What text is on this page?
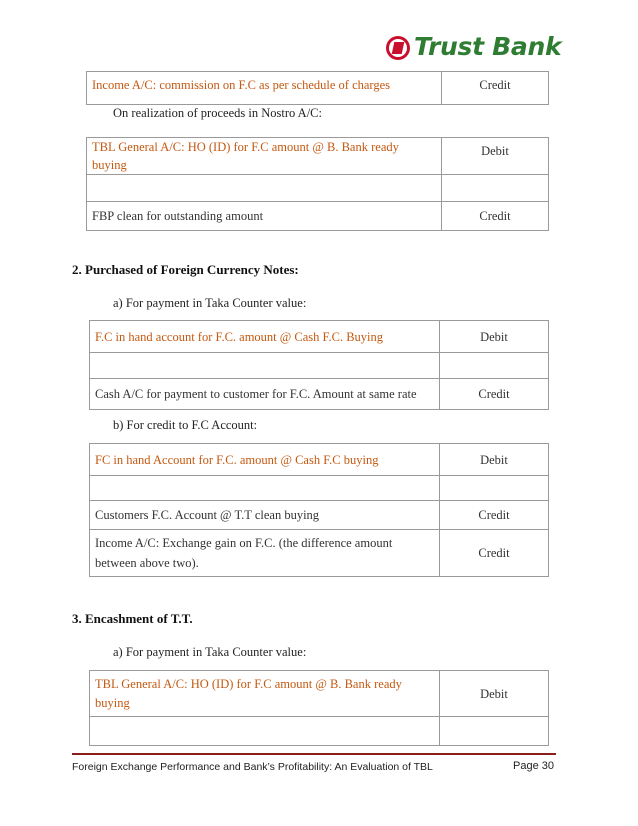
Trust Bank
Income A/C: commission on F.C as per schedule of charges	Credit
On realization of proceeds in Nostro A/C:
TBL General A/C: HO (ID) for F.C amount @ B. Bank ready buying	Debit

FBP clean for outstanding amount	Credit
2. Purchased of Foreign Currency Notes:
a) For payment in Taka Counter value:
F.C in hand account for F.C. amount @ Cash F.C. Buying	Debit

Cash A/C for payment to customer for F.C. Amount at same rate	Credit
b) For credit to F.C Account:
FC in hand Account for F.C. amount @ Cash F.C buying	Debit

Customers F.C. Account @ T.T clean buying	Credit
Income A/C: Exchange gain on F.C. (the difference amount between above two).	Credit
3. Encashment of T.T.
a) For payment in Taka Counter value:
TBL General A/C: HO (ID) for F.C amount @ B. Bank ready buying	Debit

Foreign Exchange Performance and Bank’s Profitability: An Evaluation of TBL	Page 30
